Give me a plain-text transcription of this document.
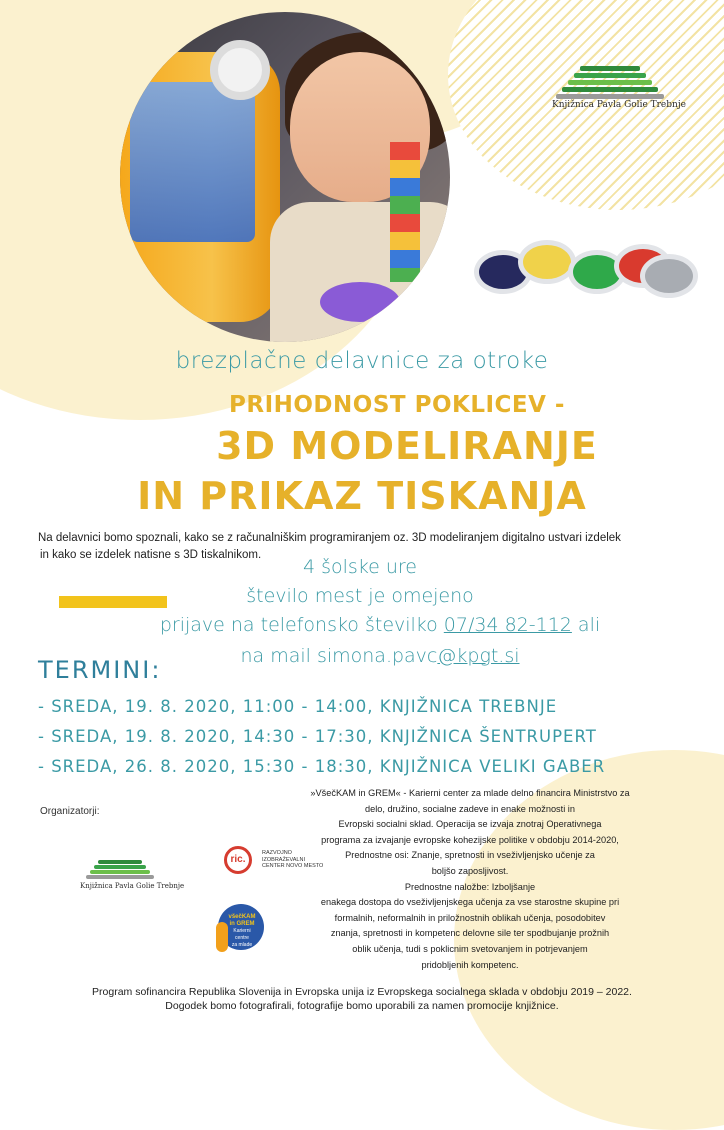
Knjižnica Pavla Golie Trebnje
brezplačne delavnice za otroke
PRIHODNOST POKLICEV -
3D MODELIRANJE
IN PRIKAZ TISKANJA
Na delavnici bomo spoznali, kako se z računalniškim programiranjem oz. 3D modeliranjem digitalno ustvari izdelek
in kako se izdelek natisne s 3D tiskalnikom.
4 šolske ure
število mest je omejeno
prijave na telefonsko številko 07/34 82-112 ali
na mail simona.pavc@kpgt.si
TERMINI:
- SREDA, 19. 8. 2020, 11:00 - 14:00, KNJIŽNICA TREBNJE
- SREDA, 19. 8. 2020, 14:30 - 17:30, KNJIŽNICA ŠENTRUPERT
- SREDA, 26. 8. 2020, 15:30 - 18:30, KNJIŽNICA VELIKI GABER
Organizatorji:
Knjižnica Pavla Golie Trebnje
ric.
RAZVOJNO
IZOBRAŽEVALNI
CENTER NOVO MESTO
všečKAM
in GREM
Karierni
centre
za mlade
»VšečKAM in GREM« - Karierni center za mlade delno financira Ministrstvo za
delo, družino, socialne zadeve in enake možnosti in
Evropski socialni sklad. Operacija se izvaja znotraj Operativnega
programa za izvajanje evropske kohezijske politike v obdobju 2014-2020,
Prednostne osi: Znanje, spretnosti in vseživljenjsko učenje za
boljšo zaposljivost.
Prednostne naložbe: Izboljšanje
enakega dostopa do vseživljenjskega učenja za vse starostne skupine pri
formalnih, neformalnih in priložnostnih oblikah učenja, posodobitev
znanja, spretnosti in kompetenc delovne sile ter spodbujanje prožnih
oblik učenja, tudi s poklicnim svetovanjem in potrjevanjem
pridobljenih kompetenc.
Program sofinancira Republika Slovenija in Evropska unija iz Evropskega socialnega sklada v obdobju 2019 – 2022.
Dogodek bomo fotografirali, fotografije bomo uporabili za namen promocije knjižnice.
